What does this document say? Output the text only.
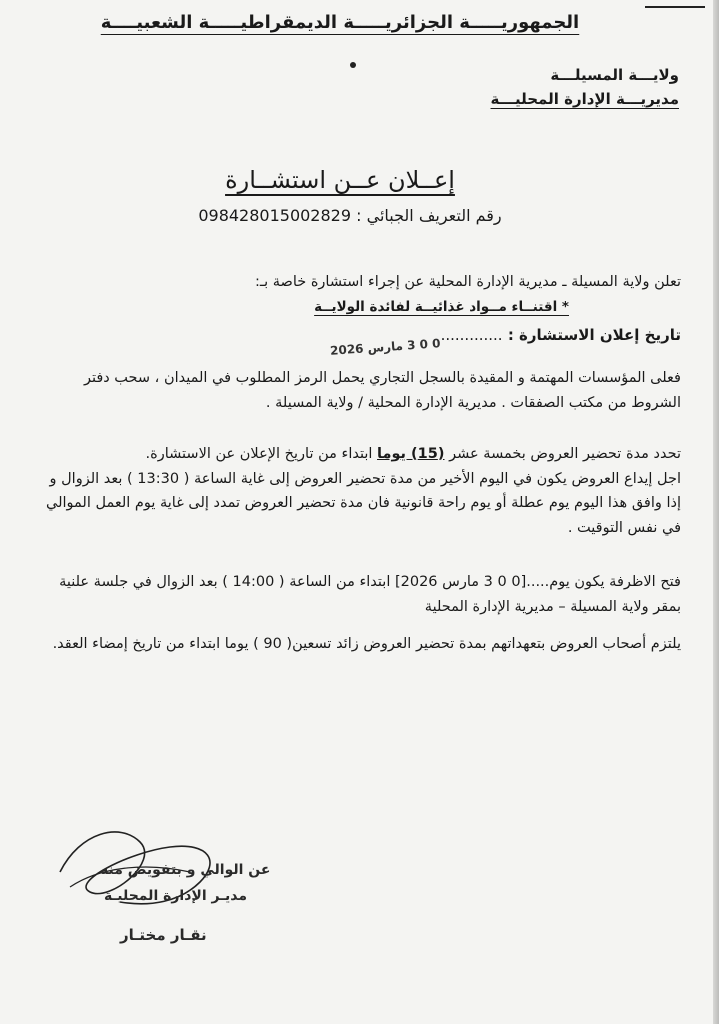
الجمهوريـــــة الجزائريـــــة الديمقراطيـــــة الشعبيــــة
ولايـــة المسيلـــة
مديريـــة الإدارة المحليـــة
إعــلان عــن استشــارة
رقم التعريف الجبائي : 098428015002829
تعلن ولاية المسيلة ـ مديرية الإدارة المحلية عن إجراء استشارة خاصة بـ:
* اقتنــاء مــواد غذائيــة لفائدة الولايــة
تاريخ إعلان الاستشارة : .............
0 0 3 مارس 2026
فعلى المؤسسات المهتمة و المقيدة بالسجل التجاري يحمل الرمز المطلوب في الميدان ، سحب دفتر الشروط من مكتب الصفقات . مديرية الإدارة المحلية / ولاية المسيلة .
تحدد مدة تحضير العروض بخمسة عشر (15) يوما ابتداء من تاريخ الإعلان عن الاستشارة.
اجل إيداع العروض يكون في اليوم الأخير من مدة تحضير العروض إلى غاية الساعة ( 13:30 ) بعد الزوال و إذا وافق هذا اليوم يوم عطلة أو يوم راحة قانونية فان مدة تحضير العروض تمدد إلى غاية يوم العمل الموالي في نفس التوقيت .
فتح الاظرفة يكون يوم.....[0 0 3 مارس 2026] ابتداء من الساعة ( 14:00 ) بعد الزوال في جلسة علنية بمقر ولاية المسيلة – مديرية الإدارة المحلية
يلتزم أصحاب العروض بتعهداتهم بمدة تحضير العروض زائد تسعين( 90 ) يوما ابتداء من تاريخ إمضاء العقد.
عن الوالي و بتفويض منه
مديـر الإدارة المحليـة
نقـار مختـار
